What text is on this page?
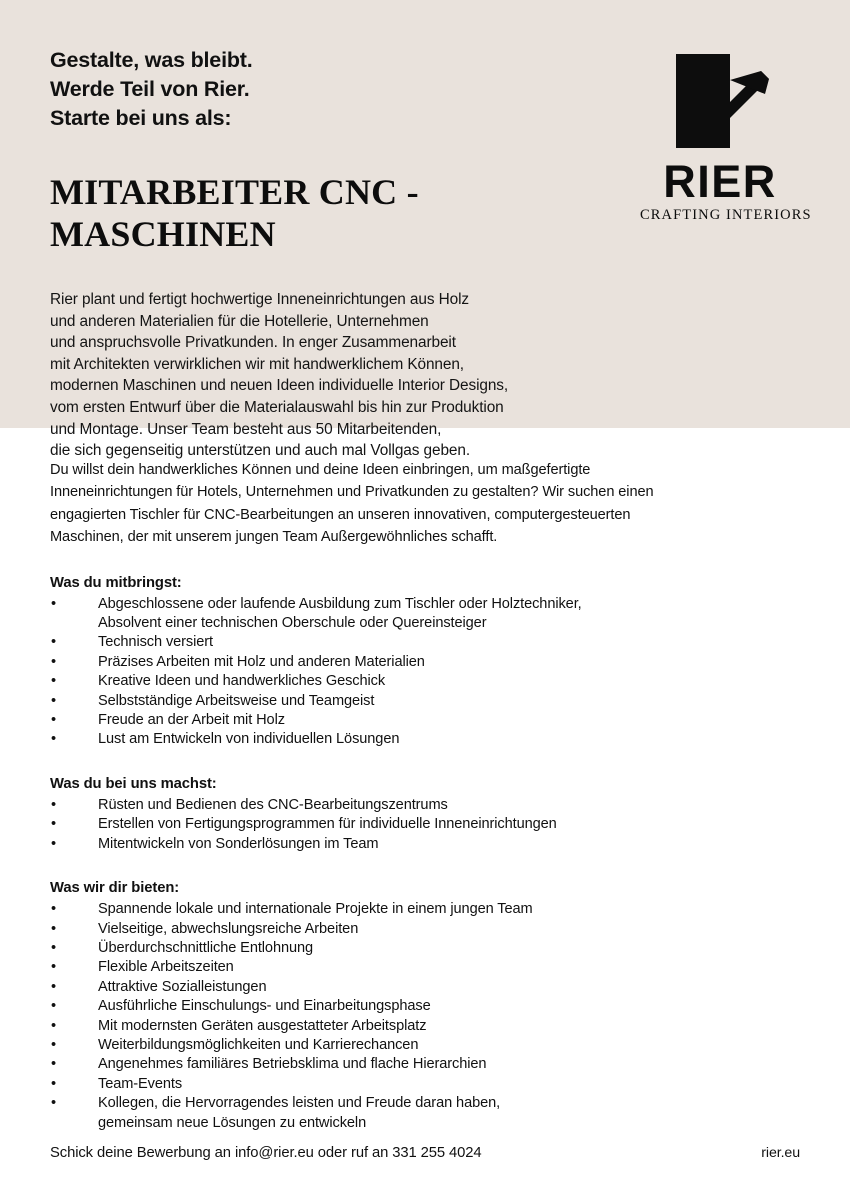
Gestalte, was bleibt.
Werde Teil von Rier.
Starte bei uns als:
MITARBEITER CNC -
MASCHINEN
RIER
CRAFTING INTERIORS
Rier plant und fertigt hochwertige Inneneinrichtungen aus Holz
und anderen Materialien für die Hotellerie, Unternehmen
und anspruchsvolle Privatkunden. In enger Zusammenarbeit
mit Architekten verwirklichen wir mit handwerklichem Können,
modernen Maschinen und neuen Ideen individuelle Interior Designs,
vom ersten Entwurf über die Materialauswahl bis hin zur Produktion
und Montage. Unser Team besteht aus 50 Mitarbeitenden,
die sich gegenseitig unterstützen und auch mal Vollgas geben.
Du willst dein handwerkliches Können und deine Ideen einbringen, um maßgefertigte
Inneneinrichtungen für Hotels, Unternehmen und Privatkunden zu gestalten? Wir suchen einen
engagierten Tischler für CNC-Bearbeitungen an unseren innovativen, computergesteuerten
Maschinen, der mit unserem jungen Team Außergewöhnliches schafft.
Was du mitbringst:
•	Abgeschlossene oder laufende Ausbildung zum Tischler oder Holztechniker,
Absolvent einer technischen Oberschule oder Quereinsteiger
•	Technisch versiert
•	Präzises Arbeiten mit Holz und anderen Materialien
•	Kreative Ideen und handwerkliches Geschick
•	Selbstständige Arbeitsweise und Teamgeist
•	Freude an der Arbeit mit Holz
•	Lust am Entwickeln von individuellen Lösungen
Was du bei uns machst:
•	Rüsten und Bedienen des CNC-Bearbeitungszentrums
•	Erstellen von Fertigungsprogrammen für individuelle Inneneinrichtungen
•	Mitentwickeln von Sonderlösungen im Team
Was wir dir bieten:
•	Spannende lokale und internationale Projekte in einem jungen Team
•	Vielseitige, abwechslungsreiche Arbeiten
•	Überdurchschnittliche Entlohnung
•	Flexible Arbeitszeiten
•	Attraktive Sozialleistungen
•	Ausführliche Einschulungs- und Einarbeitungsphase
•	Mit modernsten Geräten ausgestatteter Arbeitsplatz
•	Weiterbildungsmöglichkeiten und Karrierechancen
•	Angenehmes familiäres Betriebsklima und flache Hierarchien
•	Team-Events
•	Kollegen, die Hervorragendes leisten und Freude daran haben,
gemeinsam neue Lösungen zu entwickeln
Schick deine Bewerbung an info@rier.eu oder ruf an 331 255 4024	rier.eu
